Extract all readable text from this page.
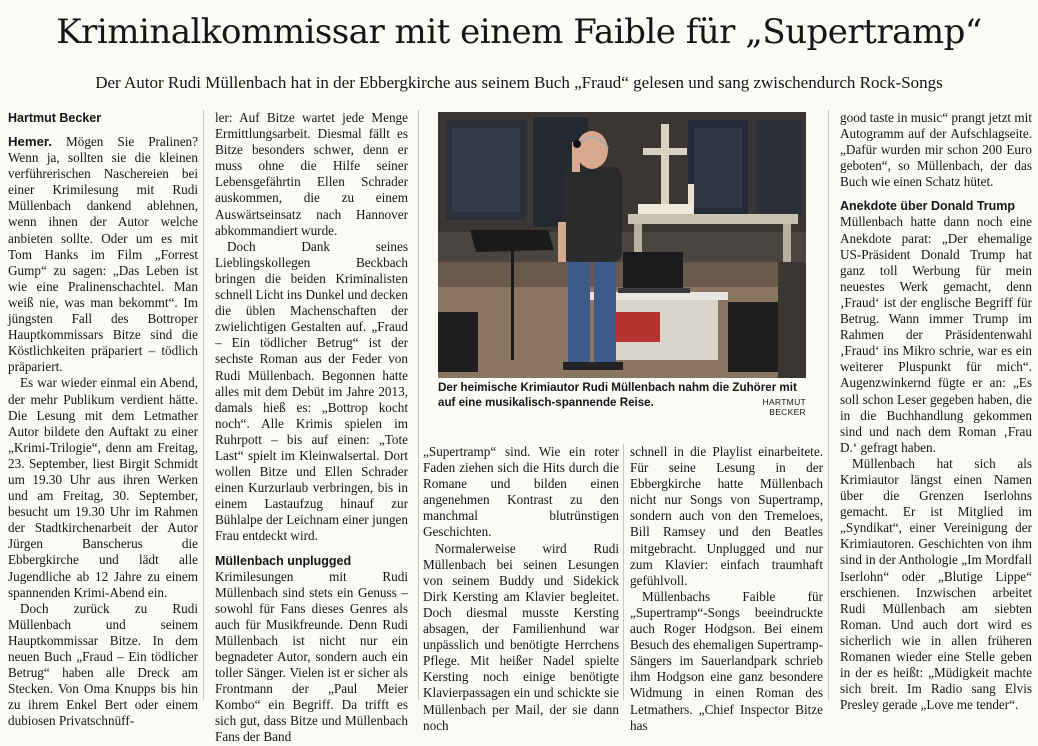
Kriminalkommissar mit einem Faible für „Supertramp“
Der Autor Rudi Müllenbach hat in der Ebbergkirche aus seinem Buch „Fraud“ gelesen und sang zwischendurch Rock-Songs
Hartmut Becker

Hemer. Mögen Sie Pralinen? Wenn ja, sollten sie die kleinen verführerischen Naschereien bei einer Krimilesung mit Rudi Müllenbach dankend ablehnen, wenn ihnen der Autor welche anbieten sollte. Oder um es mit Tom Hanks im Film „Forrest Gump“ zu sagen: „Das Leben ist wie eine Pralinenschachtel. Man weiß nie, was man bekommt“. Im jüngsten Fall des Bottroper Hauptkommissars Bitze sind die Köstlichkeiten präpariert – tödlich präpariert.

Es war wieder einmal ein Abend, der mehr Publikum verdient hätte. Die Lesung mit dem Letmather Autor bildete den Auftakt zu einer „Krimi-Trilogie“, denn am Freitag, 23. September, liest Birgit Schmidt um 19.30 Uhr aus ihren Werken und am Freitag, 30. September, besucht um 19.30 Uhr im Rahmen der Stadtkirchenarbeit der Autor Jürgen Banscherus die Ebbergkirche und lädt alle Jugendliche ab 12 Jahre zu einem spannenden Krimi-Abend ein.

Doch zurück zu Rudi Müllenbach und seinem Hauptkommissar Bitze. In dem neuen Buch „Fraud – Ein tödlicher Betrug“ haben alle Dreck am Stecken. Von Oma Knupps bis hin zu ihrem Enkel Bert oder einem dubiosen Privatschnüff-

ler: Auf Bitze wartet jede Menge Ermittlungsarbeit. Diesmal fällt es Bitze besonders schwer, denn er muss ohne die Hilfe seiner Lebensgefährtin Ellen Schrader auskommen, die zu einem Auswärtseinsatz nach Hannover abkommandiert wurde.

Doch Dank seines Lieblingskollegen Beckbach bringen die beiden Kriminalisten schnell Licht ins Dunkel und decken die üblen Machenschaften der zwielichtigen Gestalten auf. „Fraud – Ein tödlicher Betrug“ ist der sechste Roman aus der Feder von Rudi Müllenbach. Begonnen hatte alles mit dem Debüt im Jahre 2013, damals hieß es: „Bottrop kocht noch“. Alle Krimis spielen im Ruhrpott – bis auf einen: „Tote Last“ spielt im Kleinwalsertal. Dort wollen Bitze und Ellen Schrader einen Kurzurlaub verbringen, bis in einem Lastaufzug hinauf zur Bühlalpe der Leichnam einer jungen Frau entdeckt wird.

Müllenbach unplugged

Krimilesungen mit Rudi Müllenbach sind stets ein Genuss – sowohl für Fans dieses Genres als auch für Musikfreunde. Denn Rudi Müllenbach ist nicht nur ein begnadeter Autor, sondern auch ein toller Sänger. Vielen ist er sicher als Frontmann der „Paul Meier Kombo“ ein Begriff. Da trifft es sich gut, dass Bitze und Müllenbach Fans der Band

Der heimische Krimiautor Rudi Müllenbach nahm die Zuhörer mit auf eine musikalisch-spannende Reise.	HARTMUT BECKER

„Supertramp“ sind. Wie ein roter Faden ziehen sich die Hits durch die Romane und bilden einen angenehmen Kontrast zu den manchmal blutrünstigen Geschichten.

Normalerweise wird Rudi Müllenbach bei seinen Lesungen von seinem Buddy und Sidekick Dirk Kersting am Klavier begleitet. Doch diesmal musste Kersting absagen, der Familienhund war unpässlich und benötigte Herrchens Pflege. Mit heißer Nadel spielte Kersting noch einige benötigte Klavierpassagen ein und schickte sie Müllenbach per Mail, der sie dann noch

schnell in die Playlist einarbeitete. Für seine Lesung in der Ebbergkirche hatte Müllenbach nicht nur Songs von Supertramp, sondern auch von den Tremeloes, Bill Ramsey und den Beatles mitgebracht. Unplugged und nur zum Klavier: einfach traumhaft gefühlvoll.

Müllenbachs Faible für „Supertramp“-Songs beeindruckte auch Roger Hodgson. Bei einem Besuch des ehemaligen Supertramp-Sängers im Sauerlandpark schrieb ihm Hodgson eine ganz besondere Widmung in einen Roman des Letmathers. „Chief Inspector Bitze has

good taste in music“ prangt jetzt mit Autogramm auf der Aufschlagseite. „Dafür wurden mir schon 200 Euro geboten“, so Müllenbach, der das Buch wie einen Schatz hütet.

Anekdote über Donald Trump

Müllenbach hatte dann noch eine Anekdote parat: „Der ehemalige US-Präsident Donald Trump hat ganz toll Werbung für mein neuestes Werk gemacht, denn ‚Fraud‘ ist der englische Begriff für Betrug. Wann immer Trump im Rahmen der Präsidentenwahl ‚Fraud‘ ins Mikro schrie, war es ein weiterer Pluspunkt für mich“. Augenzwinkernd fügte er an: „Es soll schon Leser gegeben haben, die in die Buchhandlung gekommen sind und nach dem Roman ‚Frau D.‘ gefragt haben.

Müllenbach hat sich als Krimiautor längst einen Namen über die Grenzen Iserlohns gemacht. Er ist Mitglied im „Syndikat“, einer Vereinigung der Krimiautoren. Geschichten von ihm sind in der Anthologie „Im Mordfall Iserlohn“ oder „Blutige Lippe“ erschienen. Inzwischen arbeitet Rudi Müllenbach am siebten Roman. Und auch dort wird es sicherlich wie in allen früheren Romanen wieder eine Stelle geben in der es heißt: „Müdigkeit machte sich breit. Im Radio sang Elvis Presley gerade „Love me tender“.
